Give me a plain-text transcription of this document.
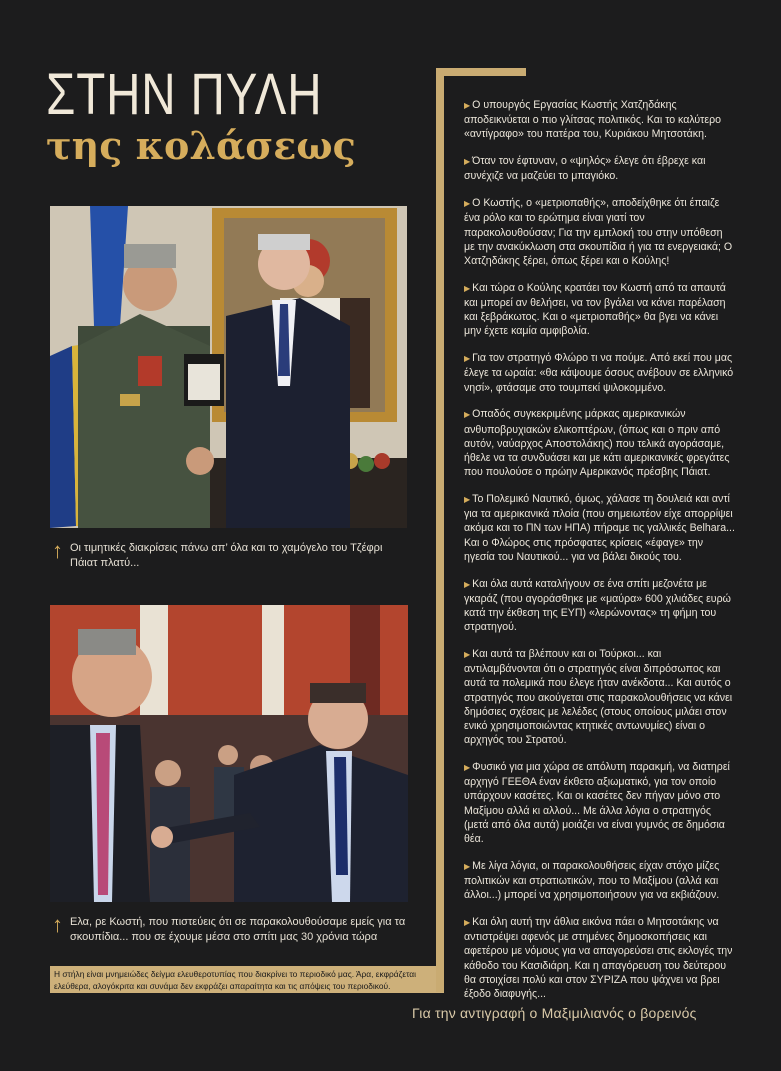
ΣΤΗΝ ΠΥΛΗ
της κολάσεως
↑ Οι τιμητικές διακρίσεις πάνω απ’ όλα και το χαμόγελο του Τζέφρι Πάιατ πλατύ...
↑ Ελα, ρε Κωστή, που πιστεύεις ότι σε παρακολουθούσαμε εμείς για τα σκουπίδια... που σε έχουμε μέσα στο σπίτι μας 30 χρόνια τώρα
Η στήλη είναι μνημειώδες δείγμα ελευθεροτυπίας που διακρίνει το περιοδικό μας. Άρα, εκφράζεται ελεύθερα, αλογόκριτα και συνάμα δεν εκφράζει απαραίτητα και τις απόψεις του περιοδικού.

▶ Ο υπουργός Εργασίας Κωστής Χατζηδάκης αποδεικνύεται ο πιο γλίτσας πολιτικός. Και το καλύτερο «αντίγραφο» του πατέρα του, Κυριάκου Μητσοτάκη.

▶ Όταν τον έφτυναν, ο «ψηλός» έλεγε ότι έβρεχε και συνέχιζε να μαζεύει το μπαγιόκο.

▶ Ο Κωστής, ο «μετριοπαθής», αποδείχθηκε ότι έπαιζε ένα ρόλο και το ερώτημα είναι γιατί τον παρακολουθούσαν; Για την εμπλοκή του στην υπόθεση με την ανακύκλωση στα σκουπίδια ή για τα ενεργειακά; Ο Χατζηδάκης ξέρει, όπως ξέρει και ο Κούλης!

▶ Και τώρα ο Κούλης κρατάει τον Κωστή από τα απαυτά και μπορεί αν θελήσει, να τον βγάλει να κάνει παρέλαση και ξεβράκωτος. Και ο «μετριοπαθής» θα βγει να κάνει μην έχετε καμία αμφιβολία.

▶ Για τον στρατηγό Φλώρο τι να πούμε. Από εκεί που μας έλεγε τα ωραία: «θα κάψουμε όσους ανέβουν σε ελληνικό νησί», φτάσαμε στο τουμπεκί ψιλοκομμένο.

▶ Οπαδός συγκεκριμένης μάρκας αμερικανικών ανθυποβρυχιακών ελικοπτέρων, (όπως και ο πριν από αυτόν, ναύαρχος Αποστολάκης) που τελικά αγοράσαμε, ήθελε να τα συνδυάσει και με κάτι αμερικανικές φρεγάτες που πουλούσε ο πρώην Αμερικανός πρέσβης Πάιατ.

▶ Το Πολεμικό Ναυτικό, όμως, χάλασε τη δουλειά και αντί για τα αμερικανικά πλοία (που σημειωτέον είχε απορρίψει ακόμα και το ΠΝ των ΗΠΑ) πήραμε τις γαλλικές Belhara... Και ο Φλώρος στις πρόσφατες κρίσεις «έφαγε» την ηγεσία του Ναυτικού... για να βάλει δικούς του.

▶ Και όλα αυτά καταλήγουν σε ένα σπίτι μεζονέτα με γκαράζ (που αγοράσθηκε με «μαύρα» 600 χιλιάδες ευρώ κατά την έκθεση της ΕΥΠ) «λερώνοντας» τη φήμη του στρατηγού.

▶ Και αυτά τα βλέπουν και οι Τούρκοι... και αντιλαμβάνονται ότι ο στρατηγός είναι διπρόσωπος και αυτά τα πολεμικά που έλεγε ήταν ανέκδοτα... Και αυτός ο στρατηγός που ακούγεται στις παρακολουθήσεις να κάνει δημόσιες σχέσεις με λελέδες (στους οποίους μιλάει στον ενικό χρησιμοποιώντας κτητικές αντωνυμίες) είναι ο αρχηγός του Στρατού.

▶ Φυσικό για μια χώρα σε απόλυτη παρακμή, να διατηρεί αρχηγό ΓΕΕΘΑ έναν έκθετο αξιωματικό, για τον οποίο υπάρχουν κασέτες. Και οι κασέτες δεν πήγαν μόνο στο Μαξίμου αλλά κι αλλού... Με άλλα λόγια ο στρατηγός (μετά από όλα αυτά) μοιάζει να είναι γυμνός σε δημόσια θέα.

▶ Με λίγα λόγια, οι παρακολουθήσεις είχαν στόχο μίζες πολιτικών και στρατιωτικών, που το Μαξίμου (αλλά και άλλοι...) μπορεί να χρησιμοποιήσουν για να εκβιάζουν.

▶ Και όλη αυτή την άθλια εικόνα πάει ο Μητσοτάκης να αντιστρέψει αφενός με στημένες δημοσκοπήσεις και αφετέρου με νόμους για να απαγορεύσει στις εκλογές την κάθοδο του Κασιδιάρη. Και η απαγόρευση του δεύτερου θα στοιχίσει πολύ και στον ΣΥΡΙΖΑ που ψάχνει να βρει έξοδο διαφυγής...

Για την αντιγραφή ο Μαξιμιλιανός ο βορεινός
